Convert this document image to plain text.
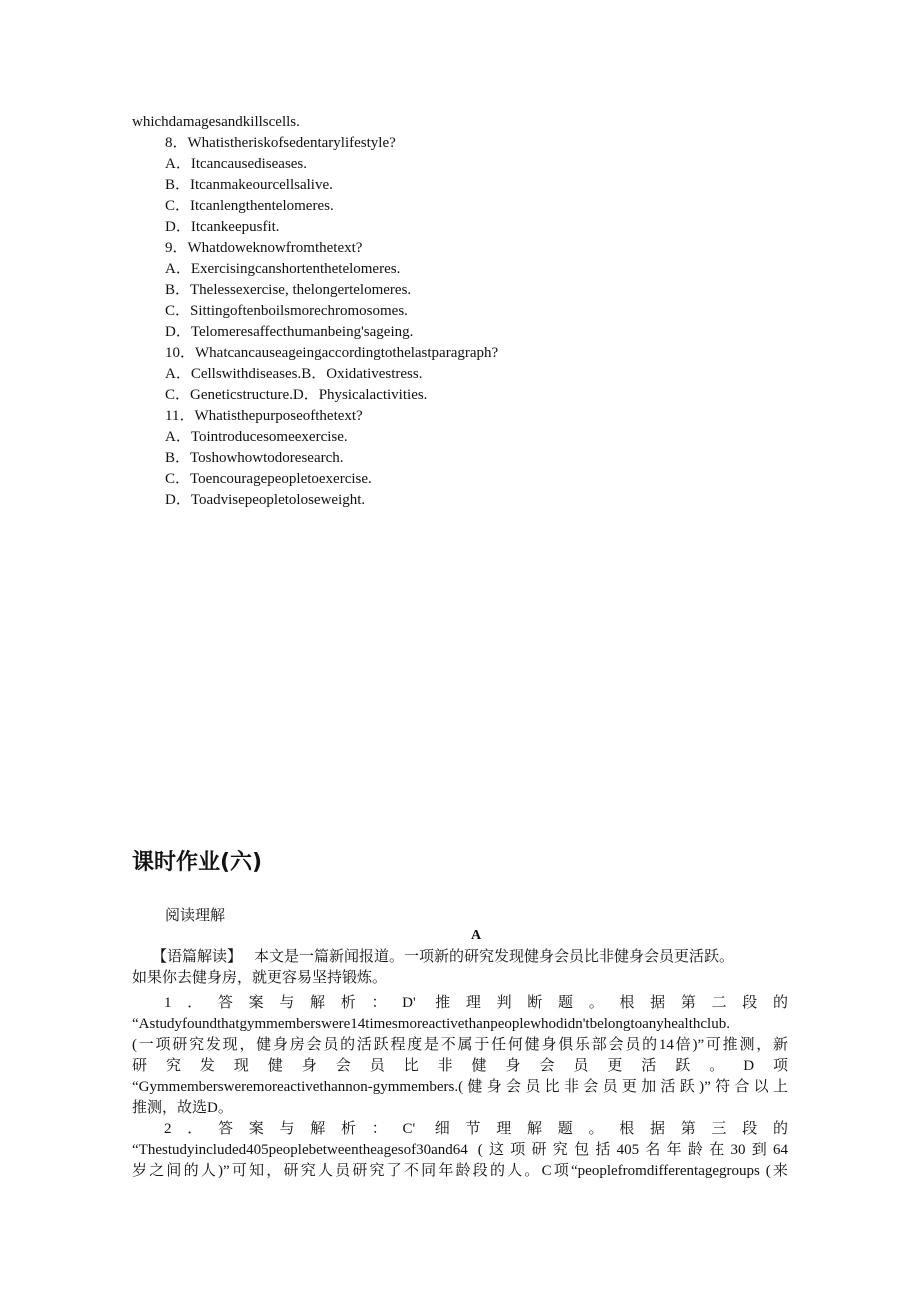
whichdamagesandkillscells.
8．Whatistheriskofsedentarylifestyle?
A．Itcancausediseases.
B．Itcanmakeourcellsalive.
C．Itcanlengthentelomeres.
D．Itcankeepusfit.
9．Whatdoweknowfromthetext?
A．Exercisingcanshortenthetelomeres.
B．Thelessexercise, thelongertelomeres.
C．Sittingoftenboilsmorechromosomes.
D．Telomeresaffecthumanbeing'sageing.
10．Whatcancauseageingaccordingtothelastparagraph?
A．Cellswithdiseases.B．Oxidativestress.
C．Geneticstructure.D．Physicalactivities.
11．Whatisthepurposeofthetext?
A．Tointroducesomeexercise.
B．Toshowhowtodoresearch.
C．Toencouragepeopletoexercise.
D．Toadvisepeopletoloseweight.
课时作业(六)
阅读理解
A
【语篇解读】 本文是一篇新闻报道。一项新的研究发现健身会员比非健身会员更活跃。
如果你去健身房，就更容易坚持锻炼。
1．答案与解析：D' 推理判断题。根据第二段的
“Astudyfoundthatgymmemberswere14timesmoreactivethanpeoplewhodidn'tbelongtoanyhealthclub.
(一项研究发现，健身房会员的活跃程度是不属于任何健身俱乐部会员的14倍)”可推测，新
研究发现健身会员比非健身会员更活跃。D项
“Gymmembersweremoreactivethannon-gymmembers.(健身会员比非会员更加活跃)”符合以上
推测，故选D。
2．答案与解析：C' 细节理解题。根据第三段的
“Thestudyincluded405peoplebetweentheagesof30and64 (这项研究包括405名年龄在30到64
岁之间的人)”可知，研究人员研究了不同年龄段的人。C项“peoplefromdifferentagegroups (来
